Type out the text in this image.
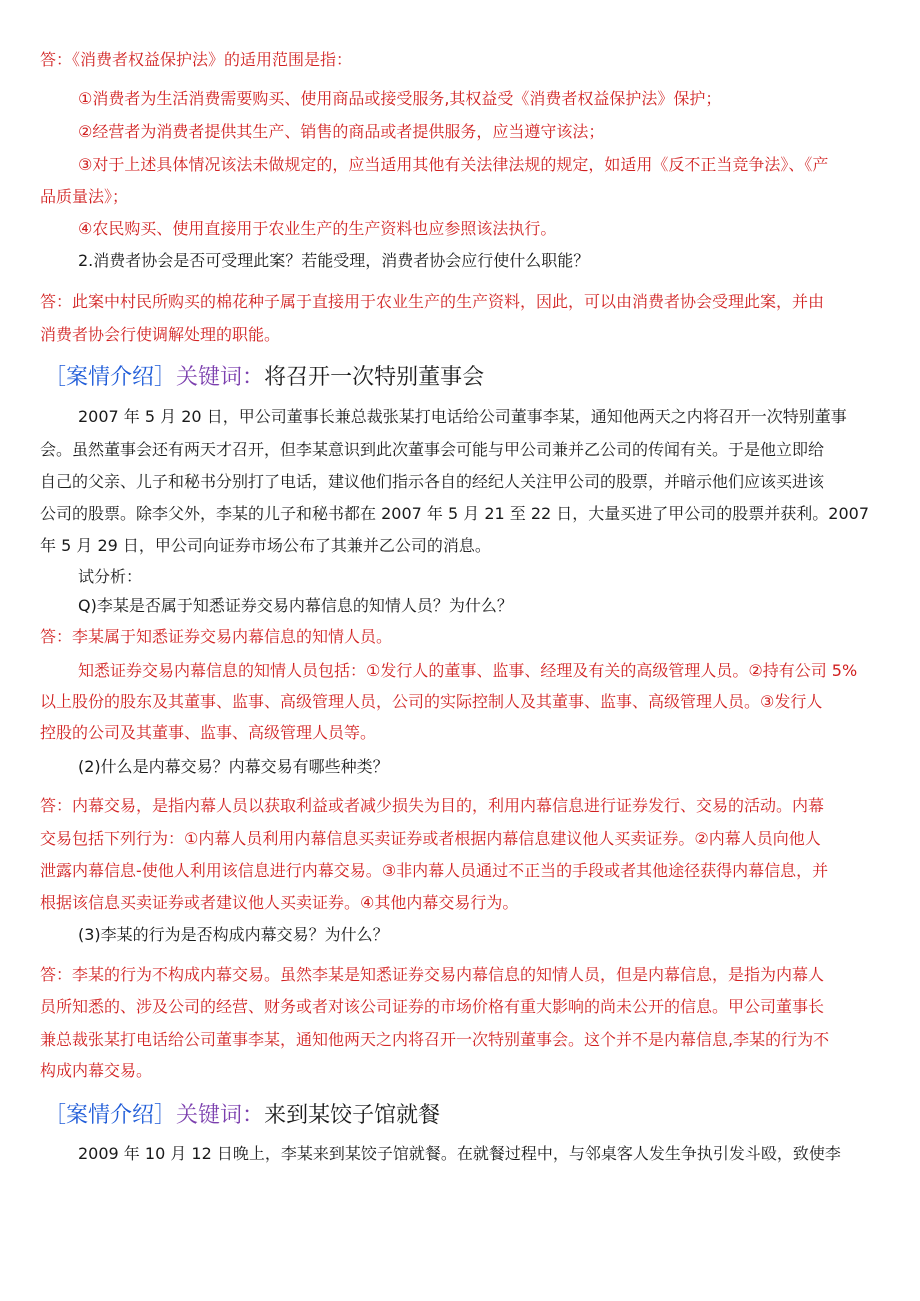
答：《消费者权益保护法》的适用范围是指：
①消费者为生活消费需要购买、使用商品或接受服务,其权益受《消费者权益保护法》保护；
②经营者为消费者提供其生产、销售的商品或者提供服务，应当遵守该法；
③对于上述具体情况该法未做规定的，应当适用其他有关法律法规的规定，如适用《反不正当竞争法》、《产
品质量法》；
④农民购买、使用直接用于农业生产的生产资料也应参照该法执行。
2.消费者协会是否可受理此案？若能受理，消费者协会应行使什么职能？
答：此案中村民所购买的棉花种子属于直接用于农业生产的生产资料，因此，可以由消费者协会受理此案，并由
消费者协会行使调解处理的职能。
［案情介绍］关键词：将召开一次特别董事会
2007 年 5 月 20 日，甲公司董事长兼总裁张某打电话给公司董事李某，通知他两天之内将召开一次特别董事
会。虽然董事会还有两天才召开，但李某意识到此次董事会可能与甲公司兼并乙公司的传闻有关。于是他立即给
自己的父亲、儿子和秘书分别打了电话，建议他们指示各自的经纪人关注甲公司的股票，并暗示他们应该买进该
公司的股票。除李父外，李某的儿子和秘书都在 2007 年 5 月 21 至 22 日，大量买进了甲公司的股票并获利。2007
年 5 月 29 日，甲公司向证券市场公布了其兼并乙公司的消息。
试分析：
Q)李某是否属于知悉证券交易内幕信息的知情人员？为什么？
答：李某属于知悉证券交易内幕信息的知情人员。
知悉证券交易内幕信息的知情人员包括：①发行人的董事、监事、经理及有关的高级管理人员。②持有公司 5%
以上股份的股东及其董事、监事、高级管理人员，公司的实际控制人及其董事、监事、高级管理人员。③发行人
控股的公司及其董事、监事、高级管理人员等。
(2)什么是内幕交易？内幕交易有哪些种类？
答：内幕交易，是指内幕人员以获取利益或者减少损失为目的，利用内幕信息进行证券发行、交易的活动。内幕
交易包括下列行为：①内幕人员利用内幕信息买卖证券或者根据内幕信息建议他人买卖证券。②内幕人员向他人
泄露内幕信息-使他人利用该信息进行内幕交易。③非内幕人员通过不正当的手段或者其他途径获得内幕信息，并
根据该信息买卖证券或者建议他人买卖证券。④其他内幕交易行为。
(3)李某的行为是否构成内幕交易？为什么？
答：李某的行为不构成内幕交易。虽然李某是知悉证券交易内幕信息的知情人员，但是内幕信息，是指为内幕人
员所知悉的、涉及公司的经营、财务或者对该公司证券的市场价格有重大影响的尚未公开的信息。甲公司董事长
兼总裁张某打电话给公司董事李某，通知他两天之内将召开一次特别董事会。这个并不是内幕信息,李某的行为不
构成内幕交易。
［案情介绍］关键词：来到某饺子馆就餐
2009 年 10 月 12 日晚上，李某来到某饺子馆就餐。在就餐过程中，与邻桌客人发生争执引发斗殴，致使李
